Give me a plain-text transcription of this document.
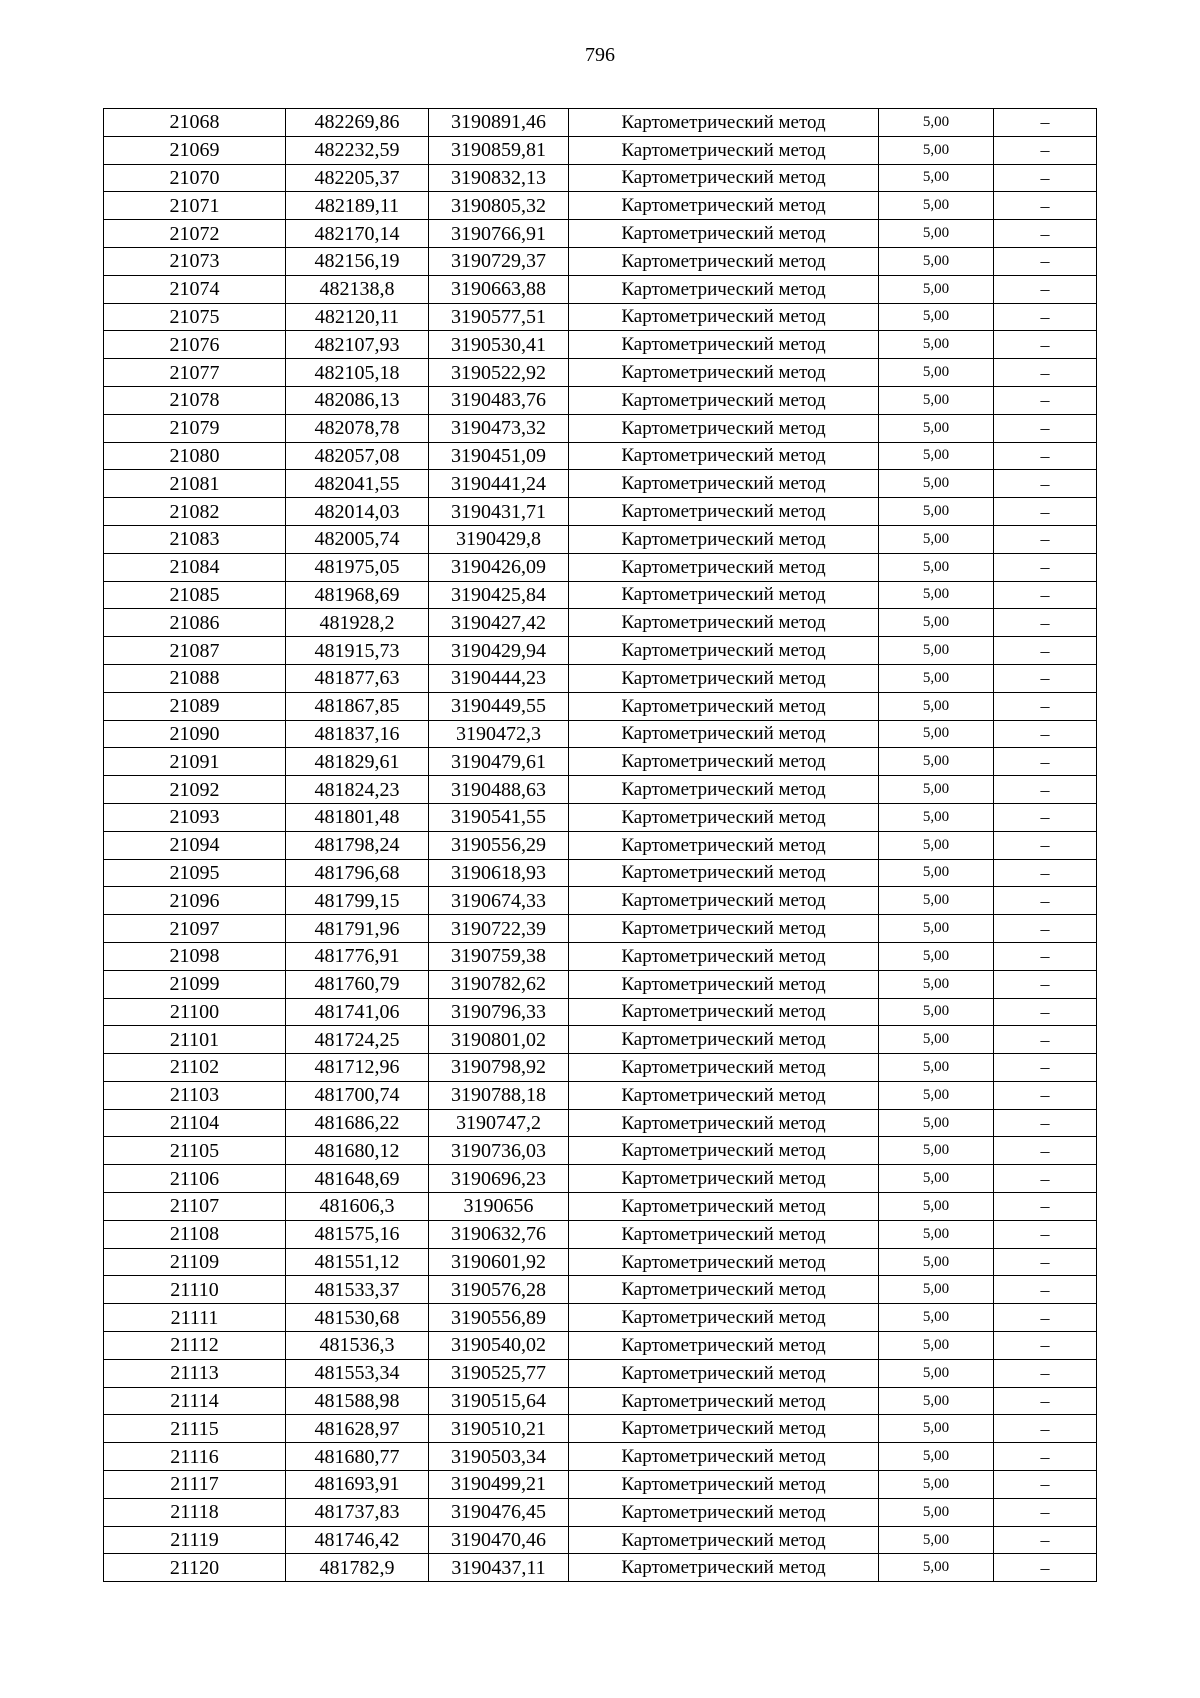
796
21068	482269,86	3190891,46	Картометрический метод	5,00	–
21069	482232,59	3190859,81	Картометрический метод	5,00	–
21070	482205,37	3190832,13	Картометрический метод	5,00	–
21071	482189,11	3190805,32	Картометрический метод	5,00	–
21072	482170,14	3190766,91	Картометрический метод	5,00	–
21073	482156,19	3190729,37	Картометрический метод	5,00	–
21074	482138,8	3190663,88	Картометрический метод	5,00	–
21075	482120,11	3190577,51	Картометрический метод	5,00	–
21076	482107,93	3190530,41	Картометрический метод	5,00	–
21077	482105,18	3190522,92	Картометрический метод	5,00	–
21078	482086,13	3190483,76	Картометрический метод	5,00	–
21079	482078,78	3190473,32	Картометрический метод	5,00	–
21080	482057,08	3190451,09	Картометрический метод	5,00	–
21081	482041,55	3190441,24	Картометрический метод	5,00	–
21082	482014,03	3190431,71	Картометрический метод	5,00	–
21083	482005,74	3190429,8	Картометрический метод	5,00	–
21084	481975,05	3190426,09	Картометрический метод	5,00	–
21085	481968,69	3190425,84	Картометрический метод	5,00	–
21086	481928,2	3190427,42	Картометрический метод	5,00	–
21087	481915,73	3190429,94	Картометрический метод	5,00	–
21088	481877,63	3190444,23	Картометрический метод	5,00	–
21089	481867,85	3190449,55	Картометрический метод	5,00	–
21090	481837,16	3190472,3	Картометрический метод	5,00	–
21091	481829,61	3190479,61	Картометрический метод	5,00	–
21092	481824,23	3190488,63	Картометрический метод	5,00	–
21093	481801,48	3190541,55	Картометрический метод	5,00	–
21094	481798,24	3190556,29	Картометрический метод	5,00	–
21095	481796,68	3190618,93	Картометрический метод	5,00	–
21096	481799,15	3190674,33	Картометрический метод	5,00	–
21097	481791,96	3190722,39	Картометрический метод	5,00	–
21098	481776,91	3190759,38	Картометрический метод	5,00	–
21099	481760,79	3190782,62	Картометрический метод	5,00	–
21100	481741,06	3190796,33	Картометрический метод	5,00	–
21101	481724,25	3190801,02	Картометрический метод	5,00	–
21102	481712,96	3190798,92	Картометрический метод	5,00	–
21103	481700,74	3190788,18	Картометрический метод	5,00	–
21104	481686,22	3190747,2	Картометрический метод	5,00	–
21105	481680,12	3190736,03	Картометрический метод	5,00	–
21106	481648,69	3190696,23	Картометрический метод	5,00	–
21107	481606,3	3190656	Картометрический метод	5,00	–
21108	481575,16	3190632,76	Картометрический метод	5,00	–
21109	481551,12	3190601,92	Картометрический метод	5,00	–
21110	481533,37	3190576,28	Картометрический метод	5,00	–
21111	481530,68	3190556,89	Картометрический метод	5,00	–
21112	481536,3	3190540,02	Картометрический метод	5,00	–
21113	481553,34	3190525,77	Картометрический метод	5,00	–
21114	481588,98	3190515,64	Картометрический метод	5,00	–
21115	481628,97	3190510,21	Картометрический метод	5,00	–
21116	481680,77	3190503,34	Картометрический метод	5,00	–
21117	481693,91	3190499,21	Картометрический метод	5,00	–
21118	481737,83	3190476,45	Картометрический метод	5,00	–
21119	481746,42	3190470,46	Картометрический метод	5,00	–
21120	481782,9	3190437,11	Картометрический метод	5,00	–
